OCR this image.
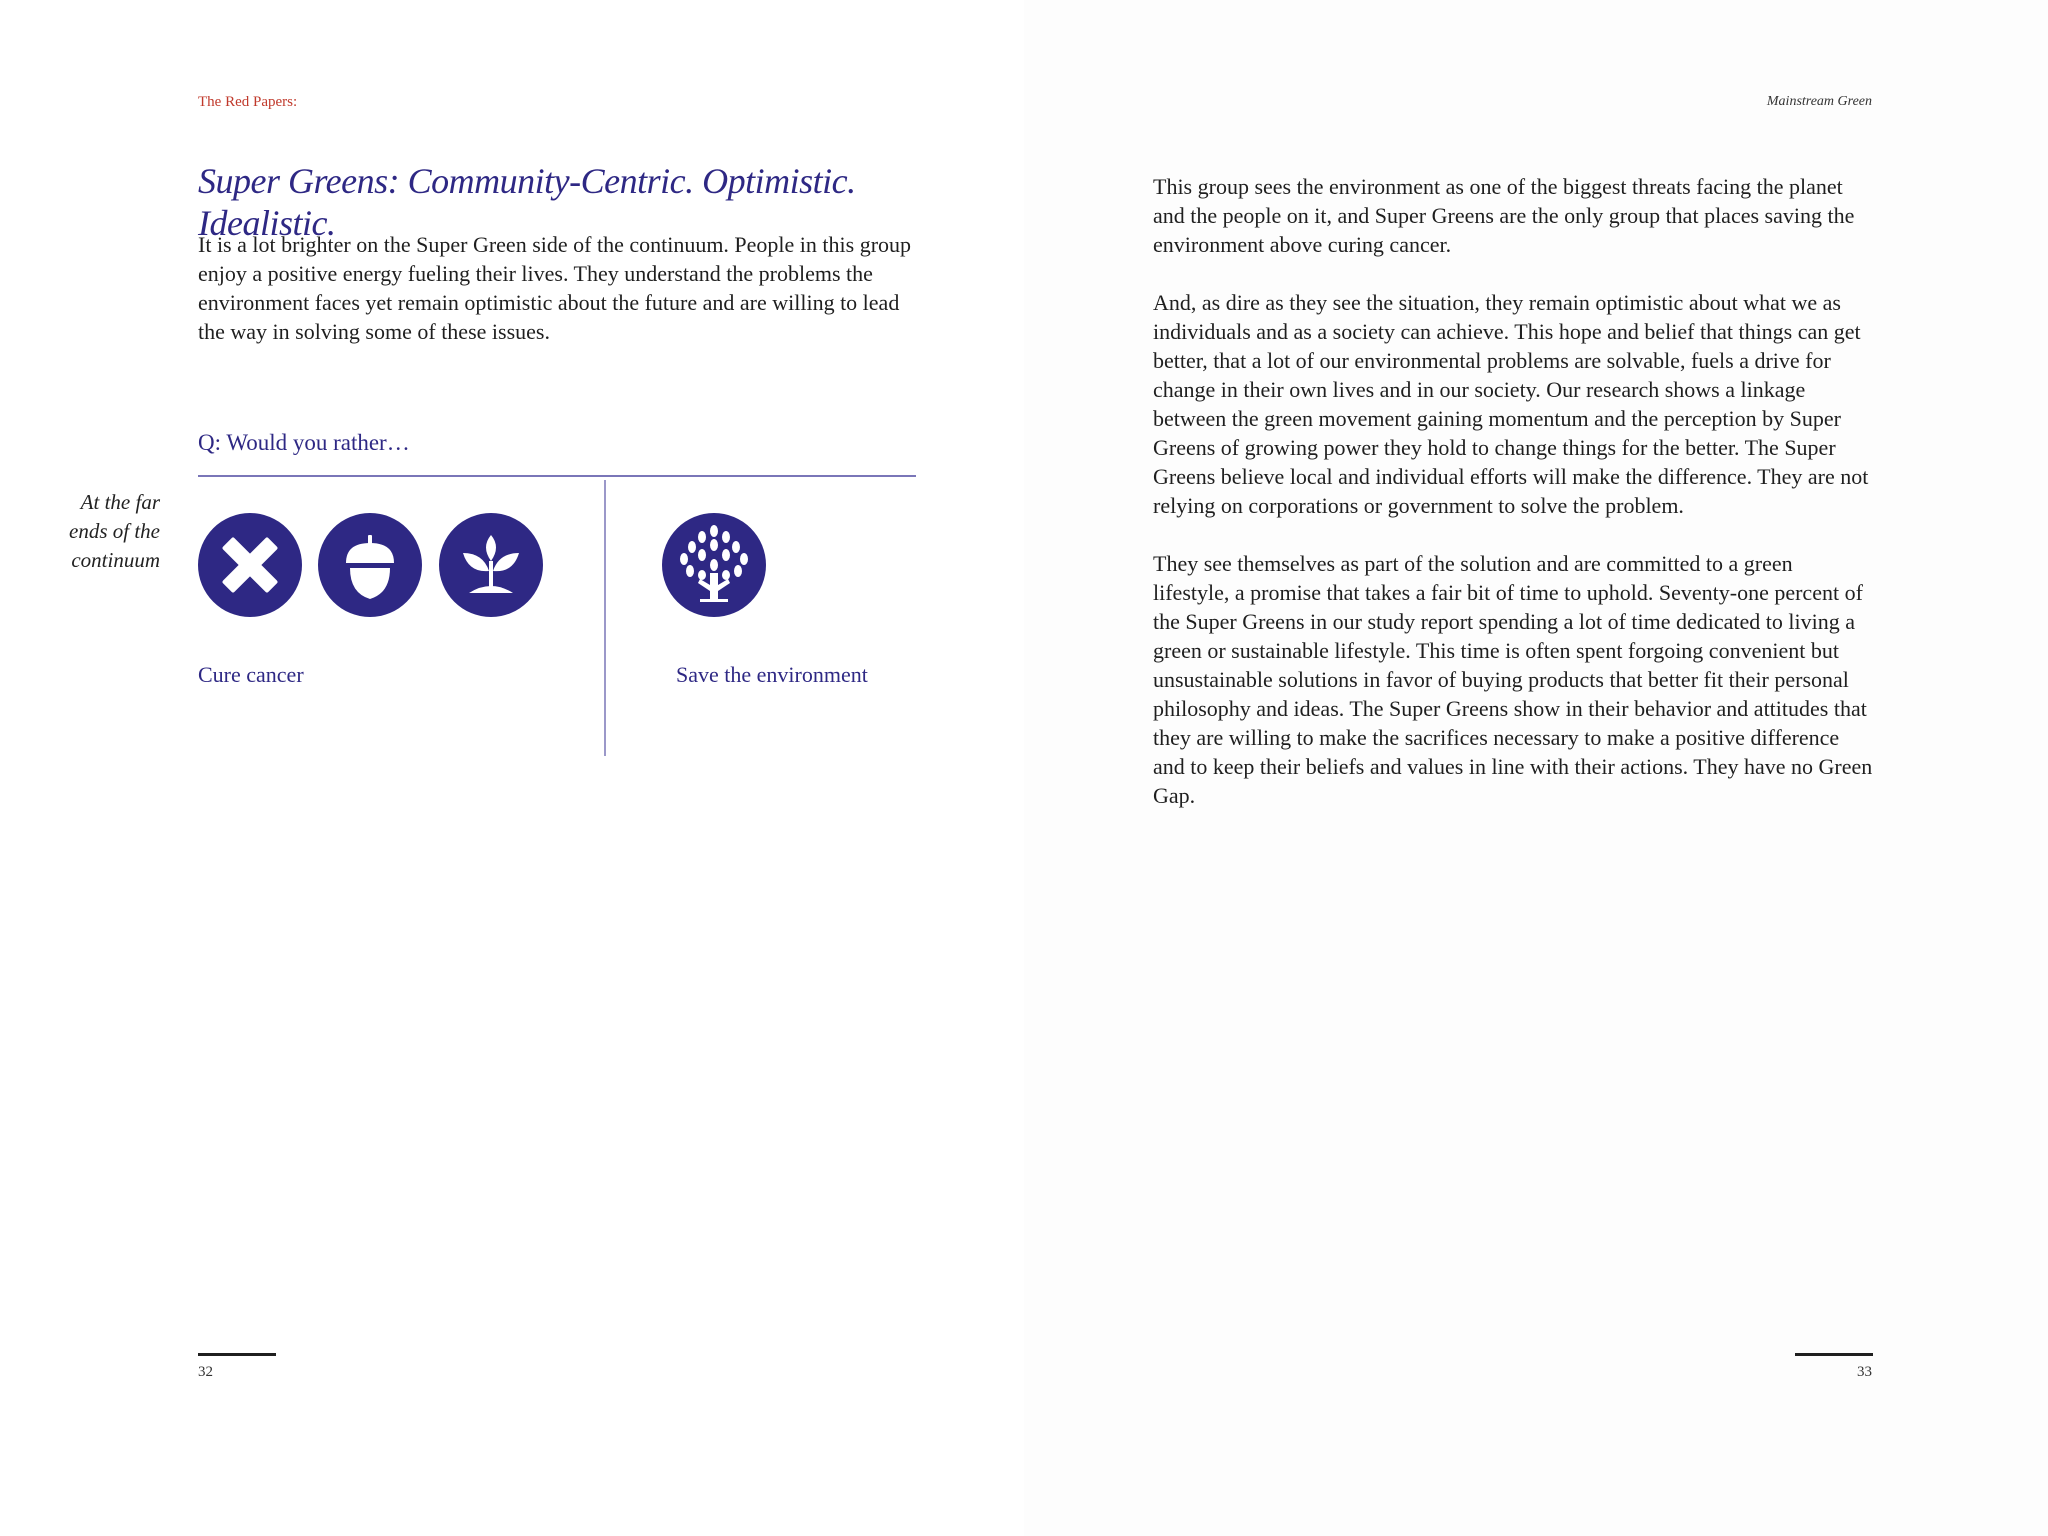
The Red Papers:
Super Greens: Community-Centric. Optimistic. Idealistic.

It is a lot brighter on the Super Green side of the continuum. People in this group enjoy a positive energy fueling their lives. They understand the problems the environment faces yet remain optimistic about the future and are willing to lead the way in solving some of these issues.

Q: Would you rather…
At the far ends of the continuum
Cure cancer	Save the environment
32
Mainstream Green

This group sees the environment as one of the biggest threats facing the planet and the people on it, and Super Greens are the only group that places saving the environment above curing cancer.

And, as dire as they see the situation, they remain optimistic about what we as individuals and as a society can achieve. This hope and belief that things can get better, that a lot of our environmental problems are solvable, fuels a drive for change in their own lives and in our society. Our research shows a linkage between the green movement gaining momentum and the perception by Super Greens of growing power they hold to change things for the better. The Super Greens believe local and individual efforts will make the difference. They are not relying on corporations or government to solve the problem.

They see themselves as part of the solution and are committed to a green lifestyle, a promise that takes a fair bit of time to uphold. Seventy-one percent of the Super Greens in our study report spending a lot of time dedicated to living a green or sustainable lifestyle. This time is often spent forgoing convenient but unsustainable solutions in favor of buying products that better fit their personal philosophy and ideas. The Super Greens show in their behavior and attitudes that they are willing to make the sacrifices necessary to make a positive difference and to keep their beliefs and values in line with their actions. They have no Green Gap.

33
